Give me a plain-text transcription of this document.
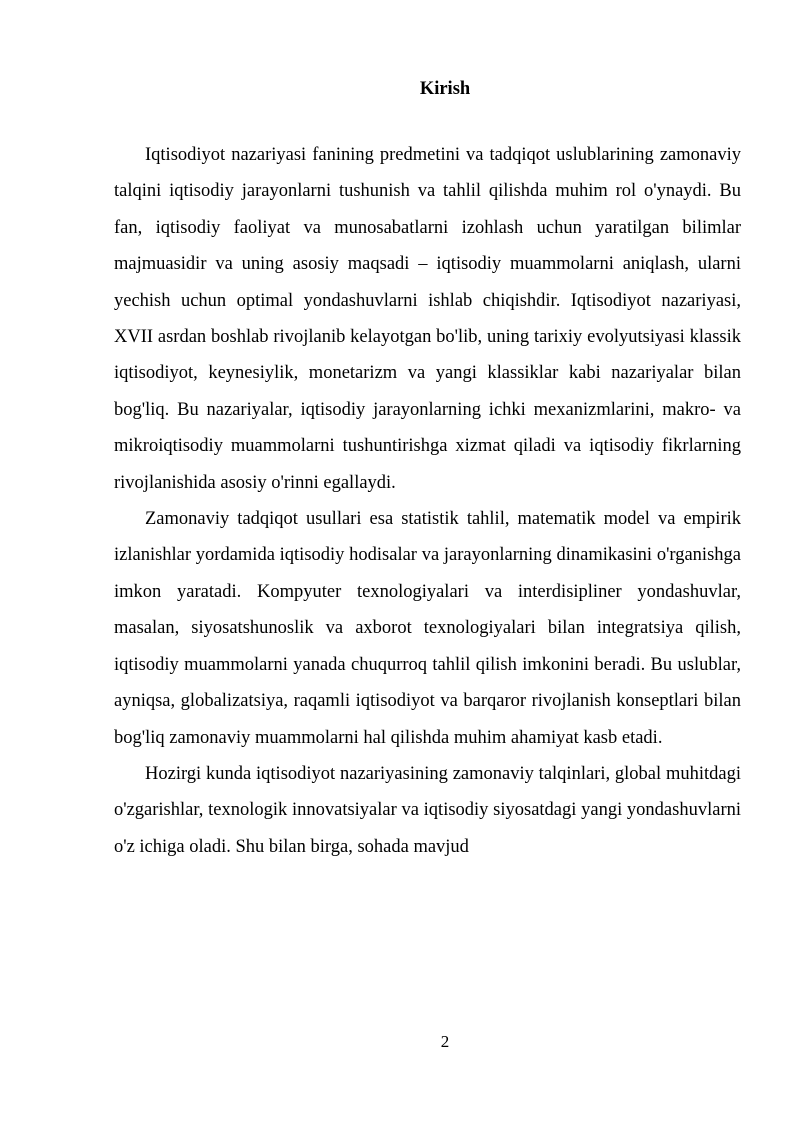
Kirish

Iqtisodiyot nazariyasi fanining predmetini va tadqiqot uslublarining zamonaviy talqini iqtisodiy jarayonlarni tushunish va tahlil qilishda muhim rol o'ynaydi. Bu fan, iqtisodiy faoliyat va munosabatlarni izohlash uchun yaratilgan bilimlar majmuasidir va uning asosiy maqsadi – iqtisodiy muammolarni aniqlash, ularni yechish uchun optimal yondashuvlarni ishlab chiqishdir. Iqtisodiyot nazariyasi, XVII asrdan boshlab rivojlanib kelayotgan bo'lib, uning tarixiy evolyutsiyasi klassik iqtisodiyot, keynesiylik, monetarizm va yangi klassiklar kabi nazariyalar bilan bog'liq. Bu nazariyalar, iqtisodiy jarayonlarning ichki mexanizmlarini, makro- va mikroiqtisodiy muammolarni tushuntirishga xizmat qiladi va iqtisodiy fikrlarning rivojlanishida asosiy o'rinni egallaydi.

Zamonaviy tadqiqot usullari esa statistik tahlil, matematik model va empirik izlanishlar yordamida iqtisodiy hodisalar va jarayonlarning dinamikasini o'rganishga imkon yaratadi. Kompyuter texnologiyalari va interdisipliner yondashuvlar, masalan, siyosatshunoslik va axborot texnologiyalari bilan integratsiya qilish, iqtisodiy muammolarni yanada chuqurroq tahlil qilish imkonini beradi. Bu uslublar, ayniqsa, globalizatsiya, raqamli iqtisodiyot va barqaror rivojlanish konseptlari bilan bog'liq zamonaviy muammolarni hal qilishda muhim ahamiyat kasb etadi.

Hozirgi kunda iqtisodiyot nazariyasining zamonaviy talqinlari, global muhitdagi o'zgarishlar, texnologik innovatsiyalar va iqtisodiy siyosatdagi yangi yondashuvlarni o'z ichiga oladi. Shu bilan birga, sohada mavjud

2
